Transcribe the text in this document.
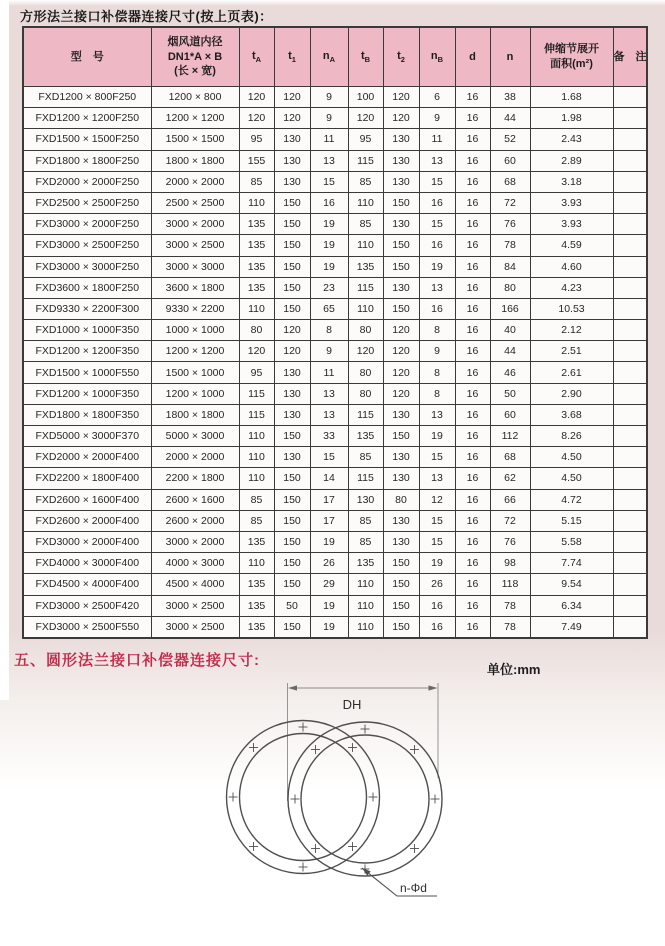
方形法兰接口补偿器连接尺寸(按上页表)：
型　号	烟风道内径
DN1*A × B
(长 × 宽)	$t_A$	$t_1$	$n_A$	$t_B$	$t_2$	$n_B$	d	n	伸缩节展开
面积(m²)	备　注
FXD1200 × 800F250	1200 × 800	120	120	9	100	120	6	16	38	1.68	
FXD1200 × 1200F250	1200 × 1200	120	120	9	120	120	9	16	44	1.98	
FXD1500 × 1500F250	1500 × 1500	95	130	11	95	130	11	16	52	2.43	
FXD1800 × 1800F250	1800 × 1800	155	130	13	115	130	13	16	60	2.89	
FXD2000 × 2000F250	2000 × 2000	85	130	15	85	130	15	16	68	3.18	
FXD2500 × 2500F250	2500 × 2500	110	150	16	110	150	16	16	72	3.93	
FXD3000 × 2000F250	3000 × 2000	135	150	19	85	130	15	16	76	3.93	
FXD3000 × 2500F250	3000 × 2500	135	150	19	110	150	16	16	78	4.59	
FXD3000 × 3000F250	3000 × 3000	135	150	19	135	150	19	16	84	4.60	
FXD3600 × 1800F250	3600 × 1800	135	150	23	115	130	13	16	80	4.23	
FXD9330 × 2200F300	9330 × 2200	110	150	65	110	150	16	16	166	10.53	
FXD1000 × 1000F350	1000 × 1000	80	120	8	80	120	8	16	40	2.12	
FXD1200 × 1200F350	1200 × 1200	120	120	9	120	120	9	16	44	2.51	
FXD1500 × 1000F550	1500 × 1000	95	130	11	80	120	8	16	46	2.61	
FXD1200 × 1000F350	1200 × 1000	115	130	13	80	120	8	16	50	2.90	
FXD1800 × 1800F350	1800 × 1800	115	130	13	115	130	13	16	60	3.68	
FXD5000 × 3000F370	5000 × 3000	110	150	33	135	150	19	16	112	8.26	
FXD2000 × 2000F400	2000 × 2000	110	130	15	85	130	15	16	68	4.50	
FXD2200 × 1800F400	2200 × 1800	110	150	14	115	130	13	16	62	4.50	
FXD2600 × 1600F400	2600 × 1600	85	150	17	130	80	12	16	66	4.72	
FXD2600 × 2000F400	2600 × 2000	85	150	17	85	130	15	16	72	5.15	
FXD3000 × 2000F400	3000 × 2000	135	150	19	85	130	15	16	76	5.58	
FXD4000 × 3000F400	4000 × 3000	110	150	26	135	150	19	16	98	7.74	
FXD4500 × 4000F400	4500 × 4000	135	150	29	110	150	26	16	118	9.54	
FXD3000 × 2500F420	3000 × 2500	135	50	19	110	150	16	16	78	6.34	
FXD3000 × 2500F550	3000 × 2500	135	150	19	110	150	16	16	78	7.49	
五、圆形法兰接口补偿器连接尺寸:
单位:mm
DH
n-Φd
